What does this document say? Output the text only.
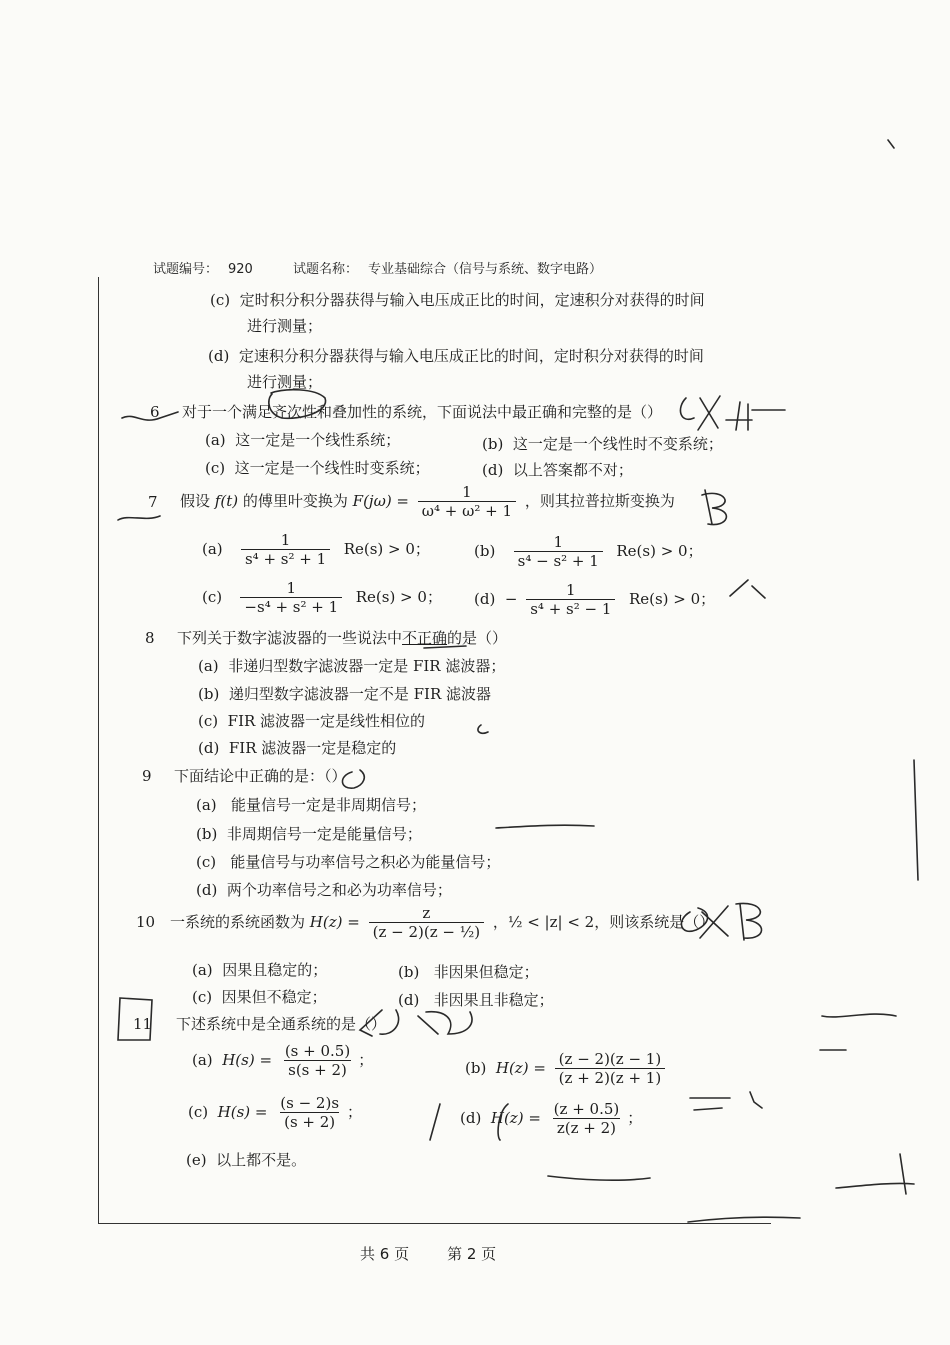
试题编号： 920	试题名称： 专业基础综合（信号与系统、数字电路）
(c) 定时积分积分器获得与输入电压成正比的时间，定速积分对获得的时间
进行测量；
(d) 定速积分积分器获得与输入电压成正比的时间，定时积分对获得的时间
进行测量；
6 对于一个满足齐次性和叠加性的系统，下面说法中最正确和完整的是（）
(a) 这一定是一个线性系统；	(b) 这一定是一个线性时不变系统；
(c) 这一定是一个线性时变系统；	(d) 以上答案都不对；
7 假设 f(t) 的傅里叶变换为 $F(j\omega) = \frac{1}{\text{ω⁴ + ω² + 1}}$ ，则其拉普拉斯变换为
$(a) \frac{1}{\text{s⁴ + s² + 1}} Re(s) > 0$；	$(b) \frac{1}{\text{s⁴ − s² + 1}} Re(s) > 0$；
$(c) \frac{1}{\text{−s⁴ + s² + 1}} Re(s) > 0$； $(d) - \frac{1}{\text{s⁴ + s² − 1}} Re(s) > 0$；
8 下列关于数字滤波器的一些说法中不正确的是（）
(a) 非递归型数字滤波器一定是 FIR 滤波器；
(b) 递归型数字滤波器一定不是 FIR 滤波器
(c) FIR 滤波器一定是线性相位的
(d) FIR 滤波器一定是稳定的
9 下面结论中正确的是：（）
(a) 能量信号一定是非周期信号；
(b) 非周期信号一定是能量信号；
(c) 能量信号与功率信号之积必为能量信号；
(d) 两个功率信号之和必为功率信号；
10 一系统的系统函数为 $H(z) = \frac{z}{\text{(z − 2)(z − ½)}}$ ，½ < |z| < 2，则该系统是（）
(a) 因果且稳定的；	(b) 非因果但稳定；
(c) 因果但不稳定；	(d) 非因果且非稳定；
11 下述系统中是全通系统的是（）
(a) $H(s) = \frac{(s + 0.5)}{s(s + 2)}$ ；	(b) $H(z) = \frac{(z - 2)(z - 1)}{(z + 2)(z + 1)}$
(c) $H(s) = \frac{(s - 2)s}{(s + 2)}$ ；	(d) $H(z) = \frac{(z + 0.5)}{z(z + 2)}$ ；
(e) 以上都不是。
共 6 页	第 2 页
